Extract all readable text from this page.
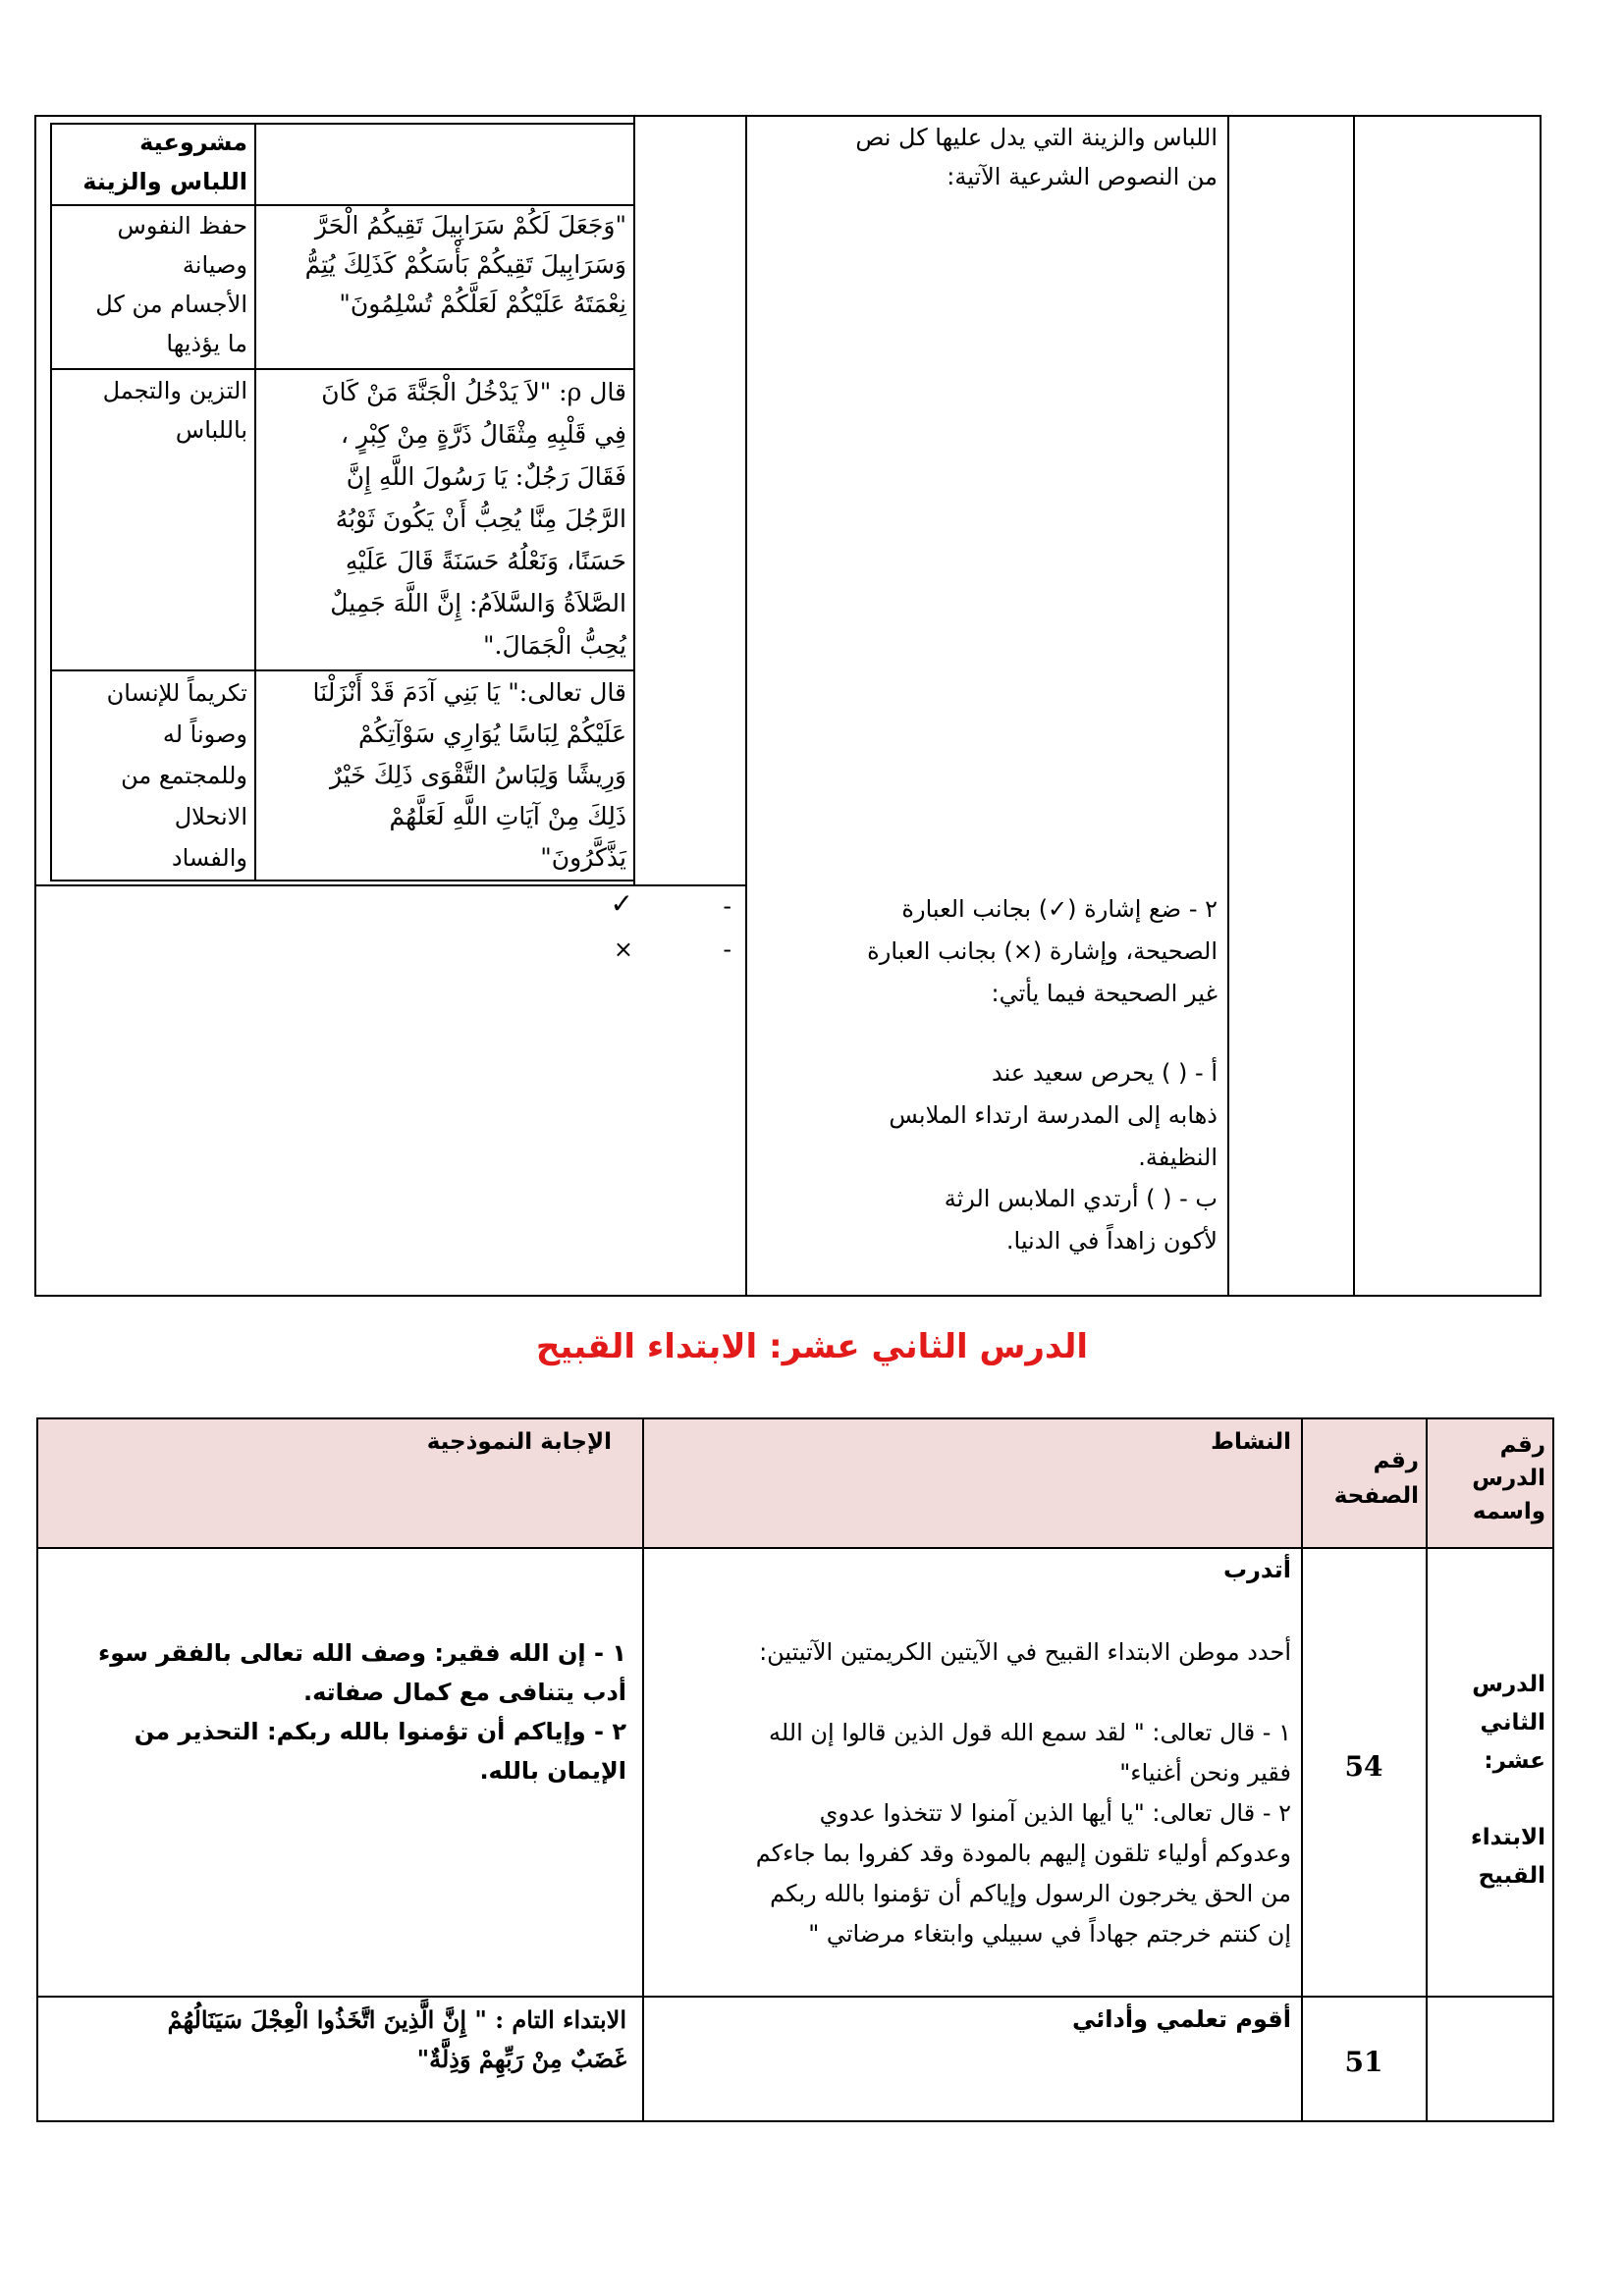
مشروعية اللباس والزينة
حفظ النفوس
وصيانة
الأجسام من كل
ما يؤذيها
"وَجَعَلَ لَكُمْ سَرَابِيلَ تَقِيكُمُ الْحَرَّ
وَسَرَابِيلَ تَقِيكُمْ بَأْسَكُمْ كَذَلِكَ يُتِمُّ
نِعْمَتَهُ عَلَيْكُمْ لَعَلَّكُمْ تُسْلِمُونَ"
التزين والتجمل
باللباس
قال ρ: "لاَ يَدْخُلُ الْجَنَّةَ مَنْ كَانَ
فِي قَلْبِهِ مِثْقَالُ ذَرَّةٍ مِنْ كِبْرٍ ،
فَقَالَ رَجُلٌ: يَا رَسُولَ اللَّهِ إِنَّ
الرَّجُلَ مِنَّا يُحِبُّ أَنْ يَكُونَ ثَوْبُهُ
حَسَنًا، وَنَعْلُهُ حَسَنَةً قَالَ عَلَيْهِ
الصَّلاَةُ وَالسَّلاَمُ: إِنَّ اللَّهَ جَمِيلٌ
يُحِبُّ الْجَمَالَ."
تكريماً للإنسان
وصوناً له
وللمجتمع من
الانحلال
والفساد
قال تعالى:" يَا بَنِي آدَمَ قَدْ أَنْزَلْنَا
عَلَيْكُمْ لِبَاسًا يُوَارِي سَوْآتِكُمْ
وَرِيشًا وَلِبَاسُ التَّقْوَى ذَلِكَ خَيْرٌ
ذَلِكَ مِنْ آيَاتِ اللَّهِ لَعَلَّهُمْ
يَذَّكَّرُونَ"
اللباس والزينة التي يدل عليها كل نص
من النصوص الشرعية الآتية:
٢ - ضع إشارة (✓) بجانب العبارة
الصحيحة، وإشارة (×) بجانب العبارة
غير الصحيحة فيما يأتي:
أ - ( ) يحرص سعيد عند
ذهابه إلى المدرسة ارتداء الملابس
النظيفة.
ب - ( ) أرتدي الملابس الرثة
لأكون زاهداً في الدنيا.
-
✓
-
×
الدرس الثاني عشر: الابتداء القبيح
رقم
الدرس
واسمه
رقم
الصفحة
النشاط
الإجابة النموذجية
الدرس
الثاني
عشر:

الابتداء
القبيح
54
أتدرب
أحدد موطن الابتداء القبيح في الآيتين الكريمتين الآتيتين:
١ - قال تعالى: " لقد سمع الله قول الذين قالوا إن الله
فقير ونحن أغنياء"
٢ - قال تعالى: "يا أيها الذين آمنوا لا تتخذوا عدوي
وعدوكم أولياء تلقون إليهم بالمودة وقد كفروا بما جاءكم
من الحق يخرجون الرسول وإياكم أن تؤمنوا بالله ربكم
إن كنتم خرجتم جهاداً في سبيلي وابتغاء مرضاتي "
١ - إن الله فقير: وصف الله تعالى بالفقر سوء
أدب يتنافى مع كمال صفاته.
٢ - وإياكم أن تؤمنوا بالله ربكم: التحذير من
الإيمان بالله.
51
أقوم تعلمي وأدائي
الابتداء التام : " إِنَّ الَّذِينَ اتَّخَذُوا الْعِجْلَ سَيَنَالُهُمْ
غَضَبٌ مِنْ رَبِّهِمْ وَذِلَّةٌ"
